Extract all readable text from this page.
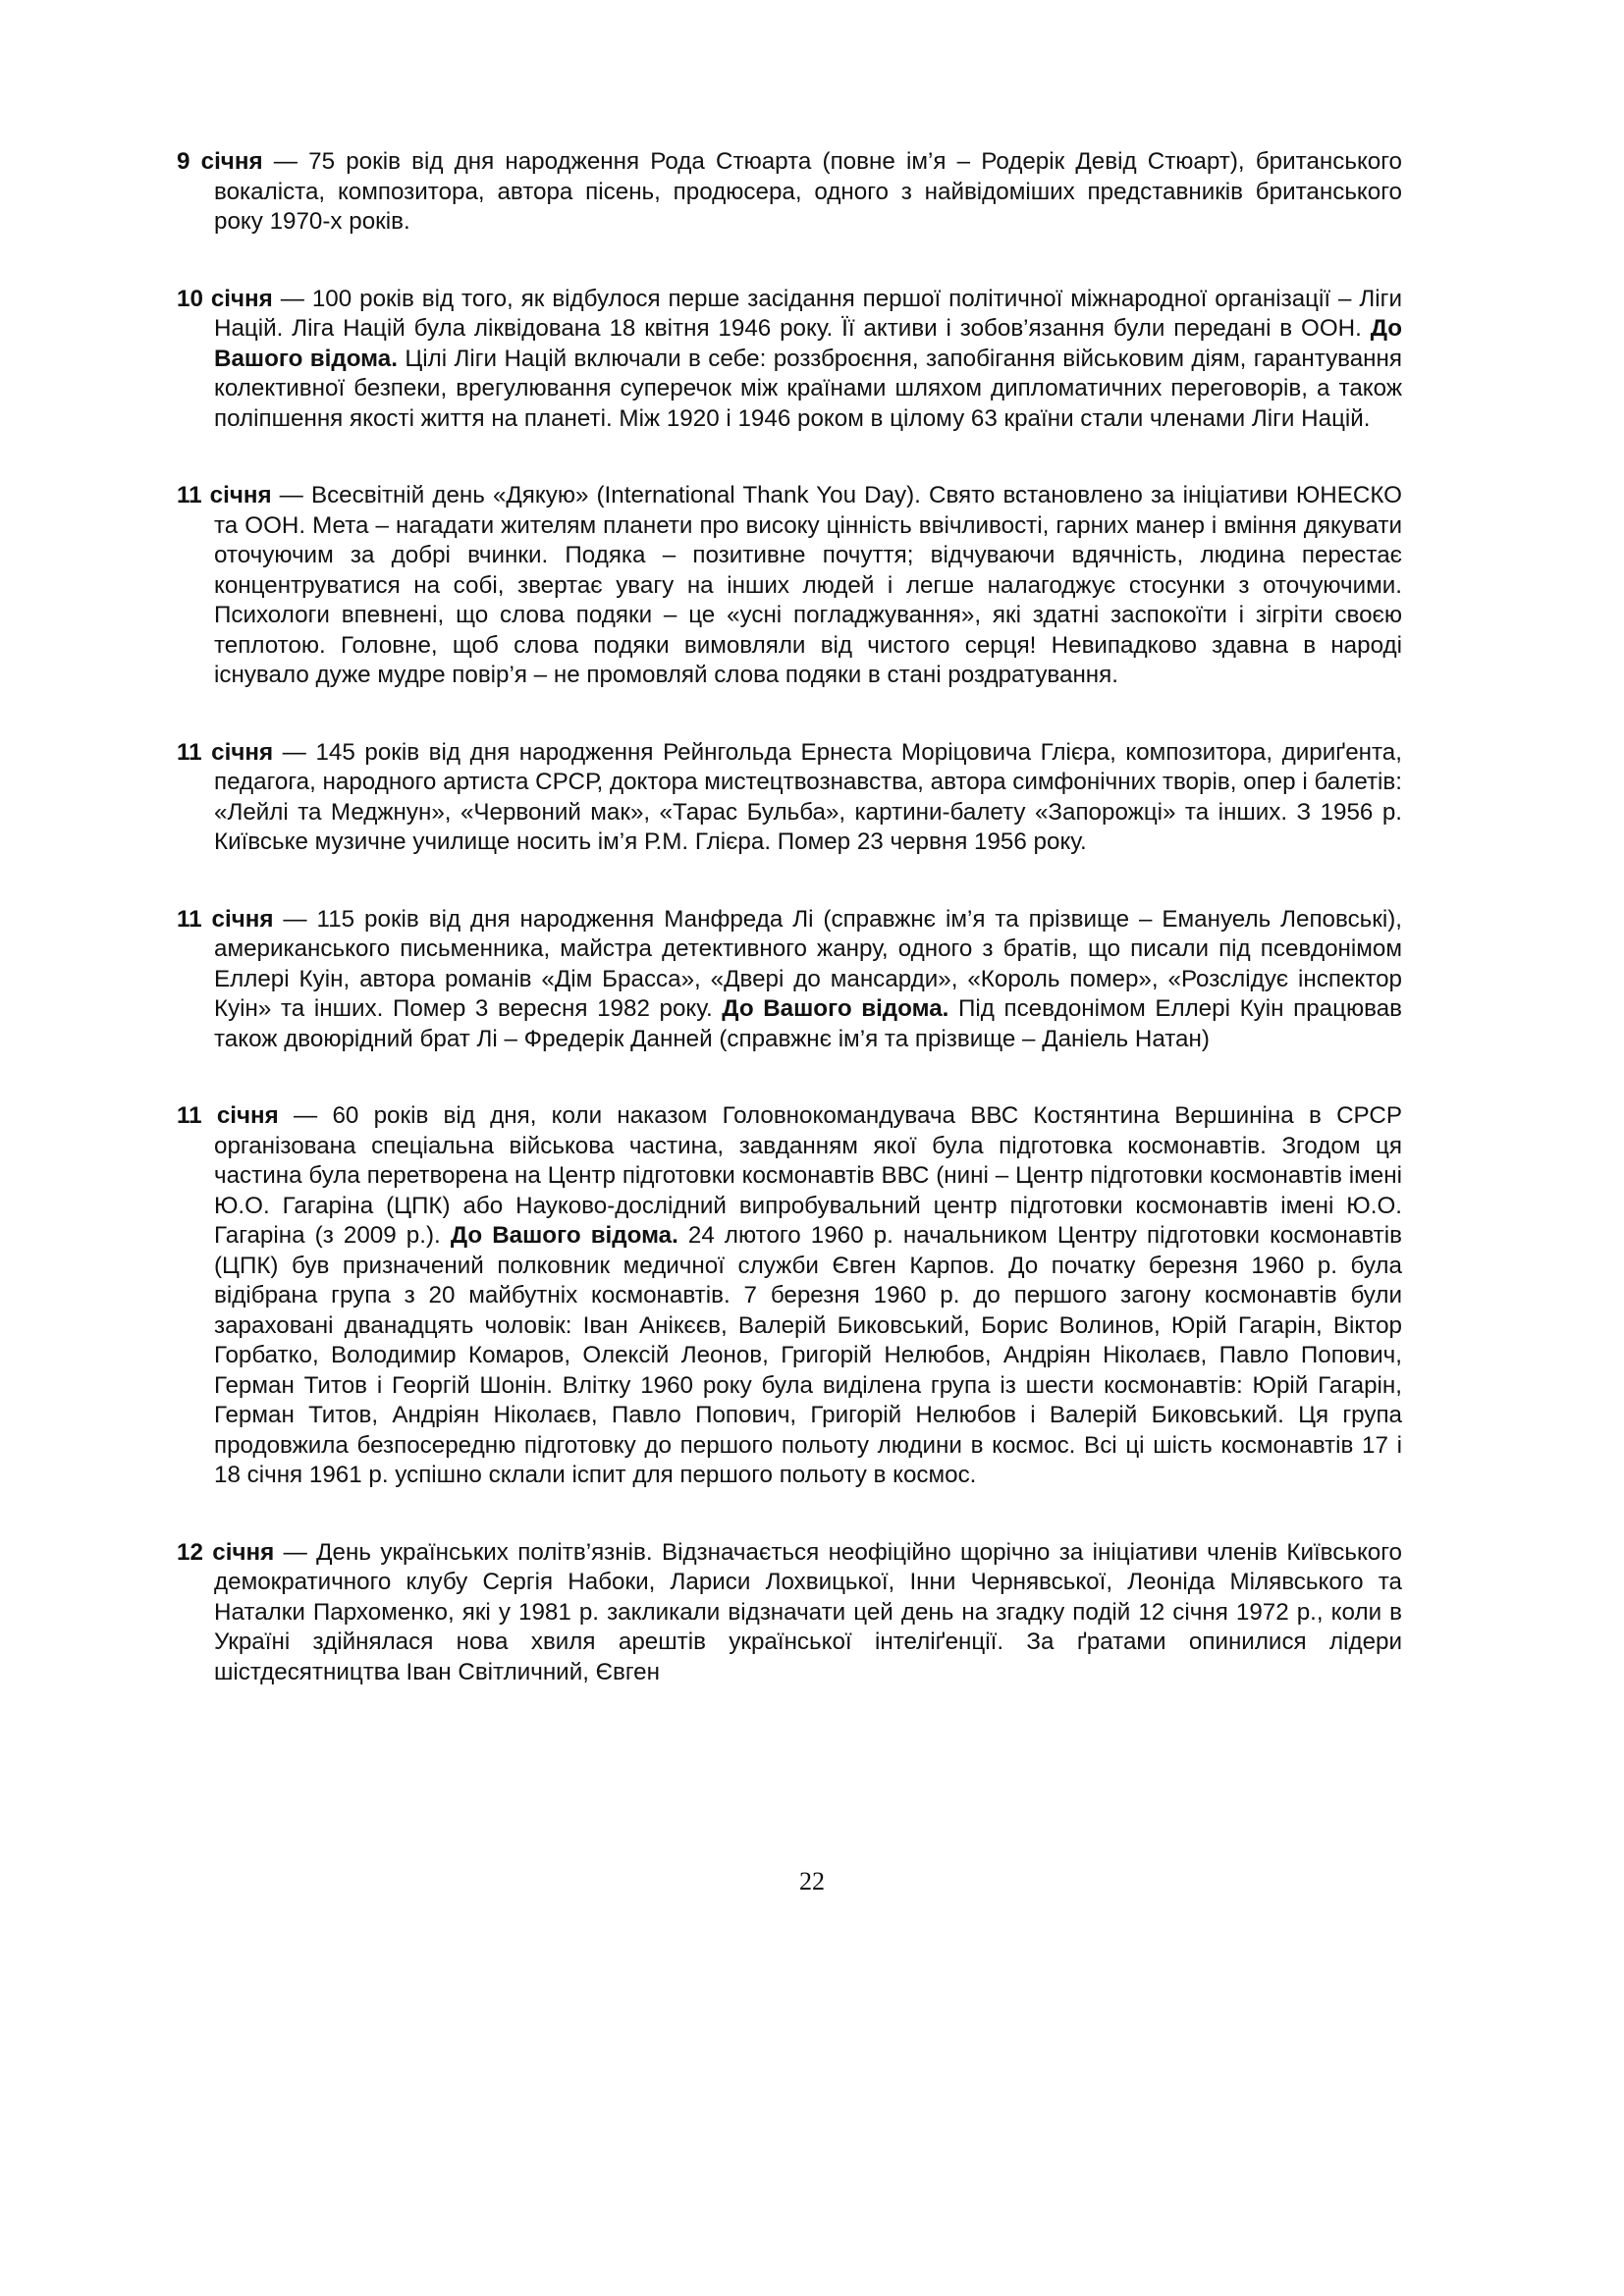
9 січня — 75 років від дня народження Рода Стюарта (повне ім’я – Родерік Девід Стюарт), британського вокаліста, композитора, автора пісень, продюсера, одного з найвідоміших представників британського року 1970-х років.

10 січня — 100 років від того, як відбулося перше засідання першої політичної міжнародної організації – Ліги Націй. Ліга Націй була ліквідована 18 квітня 1946 року. Її активи і зобов’язання були передані в ООН. До Вашого відома. Цілі Ліги Націй включали в себе: роззброєння, запобігання військовим діям, гарантування колективної безпеки, врегулювання суперечок між країнами шляхом дипломатичних переговорів, а також поліпшення якості життя на планеті. Між 1920 і 1946 роком в цілому 63 країни стали членами Ліги Націй.

11 січня — Всесвітній день «Дякую» (International Thank You Day). Свято встановлено за ініціативи ЮНЕСКО та ООН. Мета – нагадати жителям планети про високу цінність ввічливості, гарних манер і вміння дякувати оточуючим за добрі вчинки. Подяка – позитивне почуття; відчуваючи вдячність, людина перестає концентруватися на собі, звертає увагу на інших людей і легше налагоджує стосунки з оточуючими. Психологи впевнені, що слова подяки – це «усні погладжування», які здатні заспокоїти і зігріти своєю теплотою. Головне, щоб слова подяки вимовляли від чистого серця! Невипадково здавна в народі існувало дуже мудре повір’я – не промовляй слова подяки в стані роздратування.

11 січня — 145 років від дня народження Рейнгольда Ернеста Моріцовича Глієра, композитора, дириґента, педагога, народного артиста СРСР, доктора мистецтвознавства, автора симфонічних творів, опер і балетів: «Лейлі та Меджнун», «Червоний мак», «Тарас Бульба», картини-балету «Запорожці» та інших. З 1956 р. Київське музичне училище носить ім’я Р.М. Глієра. Помер 23 червня 1956 року.

11 січня — 115 років від дня народження Манфреда Лі (справжнє ім’я та прізвище – Емануель Леповські), американського письменника, майстра детективного жанру, одного з братів, що писали під псевдонімом Еллері Куін, автора романів «Дім Брасса», «Двері до мансарди», «Король помер», «Розслідує інспектор Куін» та інших. Помер 3 вересня 1982 року. До Вашого відома. Під псевдонімом Еллері Куін працював також двоюрідний брат Лі – Фредерік Данней (справжнє ім’я та прізвище – Даніель Натан)

11 січня — 60 років від дня, коли наказом Головнокомандувача ВВС Костянтина Вершиніна в СРСР організована спеціальна військова частина, завданням якої була підготовка космонавтів. Згодом ця частина була перетворена на Центр підготовки космонавтів ВВС (нині – Центр підготовки космонавтів імені Ю.О. Гагаріна (ЦПК) або Науково-дослідний випробувальний центр підготовки космонавтів імені Ю.О. Гагаріна (з 2009 р.). До Вашого відома. 24 лютого 1960 р. начальником Центру підготовки космонавтів (ЦПК) був призначений полковник медичної служби Євген Карпов. До початку березня 1960 р. була відібрана група з 20 майбутніх космонавтів. 7 березня 1960 р. до першого загону космонавтів були зараховані дванадцять чоловік: Іван Анікєєв, Валерій Биковський, Борис Волинов, Юрій Гагарін, Віктор Горбатко, Володимир Комаров, Олексій Леонов, Григорій Нелюбов, Андріян Ніколаєв, Павло Попович, Герман Титов і Георгій Шонін. Влітку 1960 року була виділена група із шести космонавтів: Юрій Гагарін, Герман Титов, Андріян Ніколаєв, Павло Попович, Григорій Нелюбов і Валерій Биковський. Ця група продовжила безпосередню підготовку до першого польоту людини в космос. Всі ці шість космонавтів 17 і 18 січня 1961 р. успішно склали іспит для першого польоту в космос.

12 січня — День українських політв’язнів. Відзначається неофіційно щорічно за ініціативи членів Київського демократичного клубу Сергія Набоки, Лариси Лохвицької, Інни Чернявської, Леоніда Мілявського та Наталки Пархоменко, які у 1981 р. закликали відзначати цей день на згадку подій 12 січня 1972 р., коли в Україні здійнялася нова хвиля арештів української інтеліґенції. За ґратами опинилися лідери шістдесятництва Іван Світличний, Євген

22
